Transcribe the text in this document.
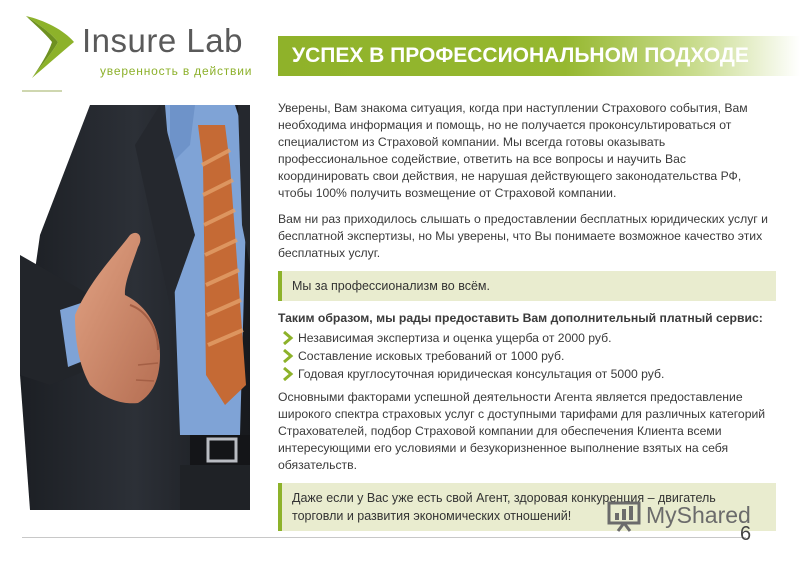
Insure Lab
уверенность в действии
УСПЕХ В ПРОФЕССИОНАЛЬНОМ ПОДХОДЕ

Уверены, Вам знакома ситуация, когда при наступлении Страхового события, Вам необходима информация и помощь, но не получается проконсультироваться от специалистом из Страховой компании. Мы всегда готовы оказывать профессиональное содействие, ответить на все вопросы и научить Вас координировать свои действия, не нарушая действующего законодательства РФ, чтобы 100% получить возмещение от Страховой компании.

Вам ни раз приходилось слышать о предоставлении бесплатных юридических услуг и бесплатной экспертизы, но Мы уверены, что Вы понимаете возможное качество этих бесплатных услуг.

Мы за профессионализм во всём.

Таким образом, мы рады предоставить Вам дополнительный платный сервис:

Независимая экспертиза и оценка ущерба от 2000 руб.
Составление исковых требований от 1000 руб.
Годовая круглосуточная юридическая консультация от 5000 руб.

Основными факторами успешной деятельности Агента является предоставление широкого спектра страховых услуг с доступными тарифами для различных категорий Страхователей, подбор Страховой компании для обеспечения Клиента всеми интересующими его условиями и безукоризненное выполнение взятых на себя обязательств.

Даже если у Вас уже есть свой Агент, здоровая конкуренция – двигатель торговли и развития экономических отношений!	MyShared
6
